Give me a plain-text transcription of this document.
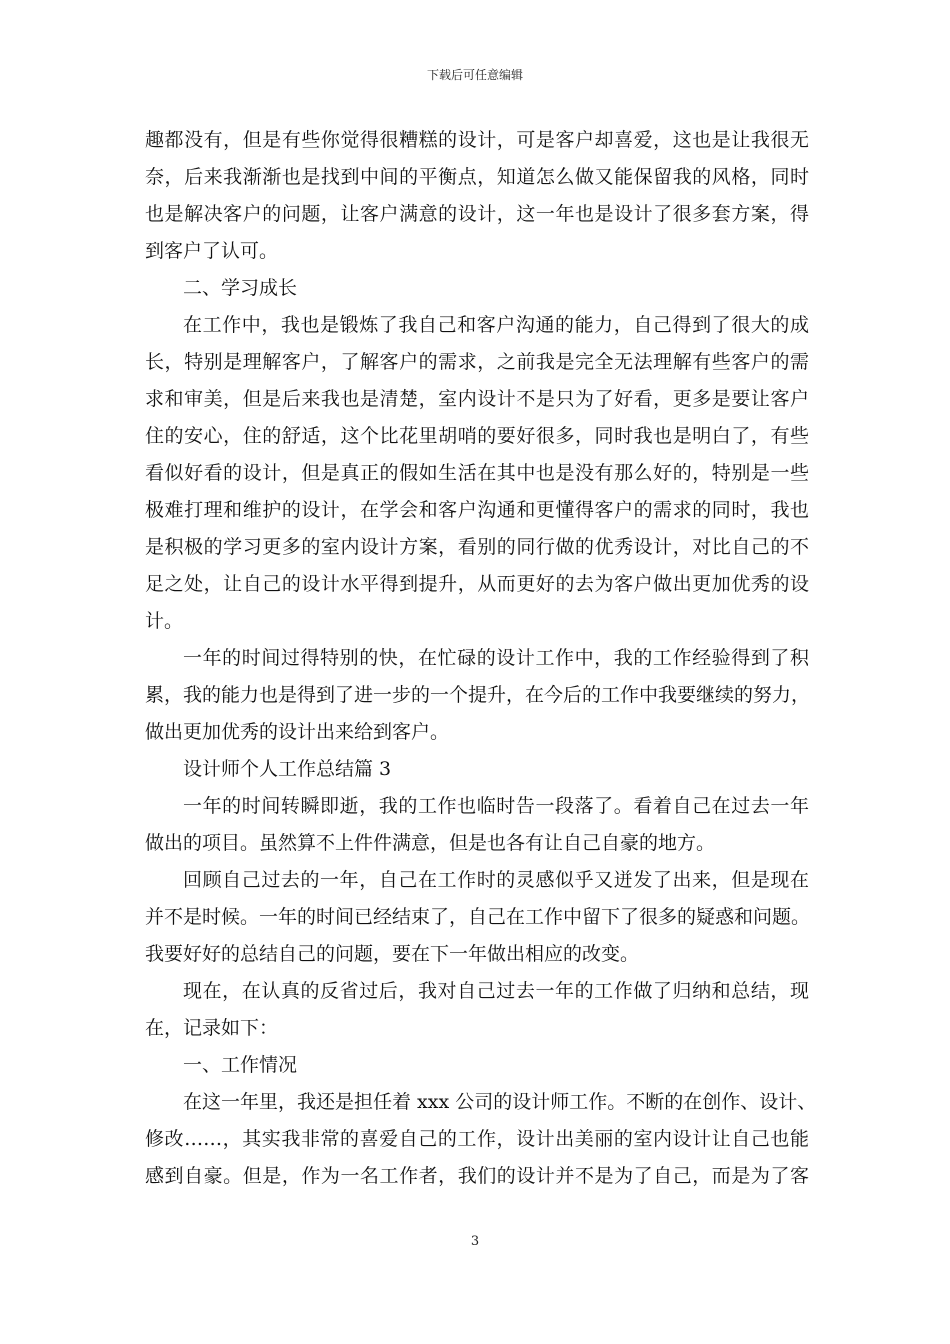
下载后可任意编辑
趣都没有，但是有些你觉得很糟糕的设计，可是客户却喜爱，这也是让我很无
奈，后来我渐渐也是找到中间的平衡点，知道怎么做又能保留我的风格，同时
也是解决客户的问题，让客户满意的设计，这一年也是设计了很多套方案，得
到客户了认可。
二、学习成长
在工作中，我也是锻炼了我自己和客户沟通的能力，自己得到了很大的成
长，特别是理解客户，了解客户的需求，之前我是完全无法理解有些客户的需
求和审美，但是后来我也是清楚，室内设计不是只为了好看，更多是要让客户
住的安心，住的舒适，这个比花里胡哨的要好很多，同时我也是明白了，有些
看似好看的设计，但是真正的假如生活在其中也是没有那么好的，特别是一些
极难打理和维护的设计，在学会和客户沟通和更懂得客户的需求的同时，我也
是积极的学习更多的室内设计方案，看别的同行做的优秀设计，对比自己的不
足之处，让自己的设计水平得到提升，从而更好的去为客户做出更加优秀的设
计。
一年的时间过得特别的快，在忙碌的设计工作中，我的工作经验得到了积
累，我的能力也是得到了进一步的一个提升，在今后的工作中我要继续的努力，
做出更加优秀的设计出来给到客户。
设计师个人工作总结篇 3
一年的时间转瞬即逝，我的工作也临时告一段落了。看着自己在过去一年
做出的项目。虽然算不上件件满意，但是也各有让自己自豪的地方。
回顾自己过去的一年，自己在工作时的灵感似乎又迸发了出来，但是现在
并不是时候。一年的时间已经结束了，自己在工作中留下了很多的疑惑和问题。
我要好好的总结自己的问题，要在下一年做出相应的改变。
现在，在认真的反省过后，我对自己过去一年的工作做了归纳和总结，现
在，记录如下：
一、工作情况
在这一年里，我还是担任着 xxx 公司的设计师工作。不断的在创作、设计、
修改……，其实我非常的喜爱自己的工作，设计出美丽的室内设计让自己也能
感到自豪。但是，作为一名工作者，我们的设计并不是为了自己，而是为了客
3
